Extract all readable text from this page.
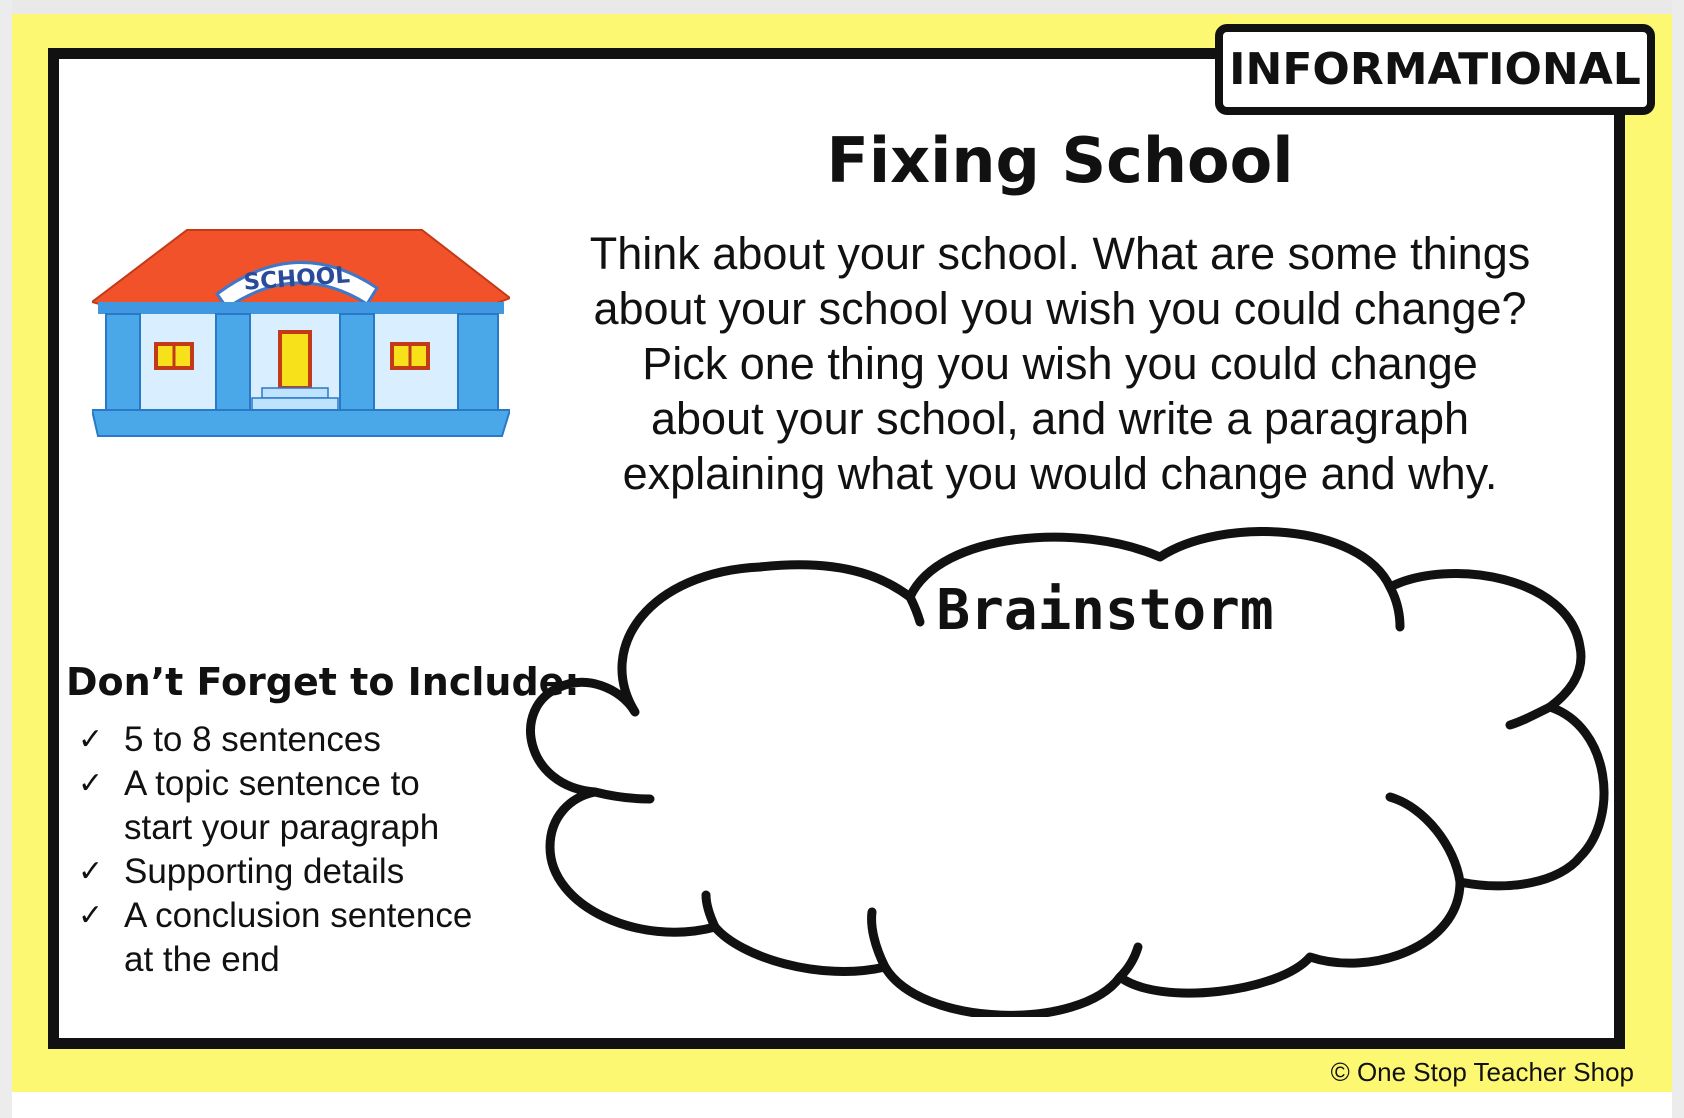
INFORMATIONAL
Fixing School
Think about your school. What are some things
about your school you wish you could change?
Pick one thing you wish you could change
about your school, and write a paragraph
explaining what you would change and why.
SCHOOL
Don’t Forget to Include:
✓ 5 to 8 sentences
✓ A topic sentence to
start your paragraph
✓ Supporting details
✓ A conclusion sentence
at the end
Brainstorm
© One Stop Teacher Shop
